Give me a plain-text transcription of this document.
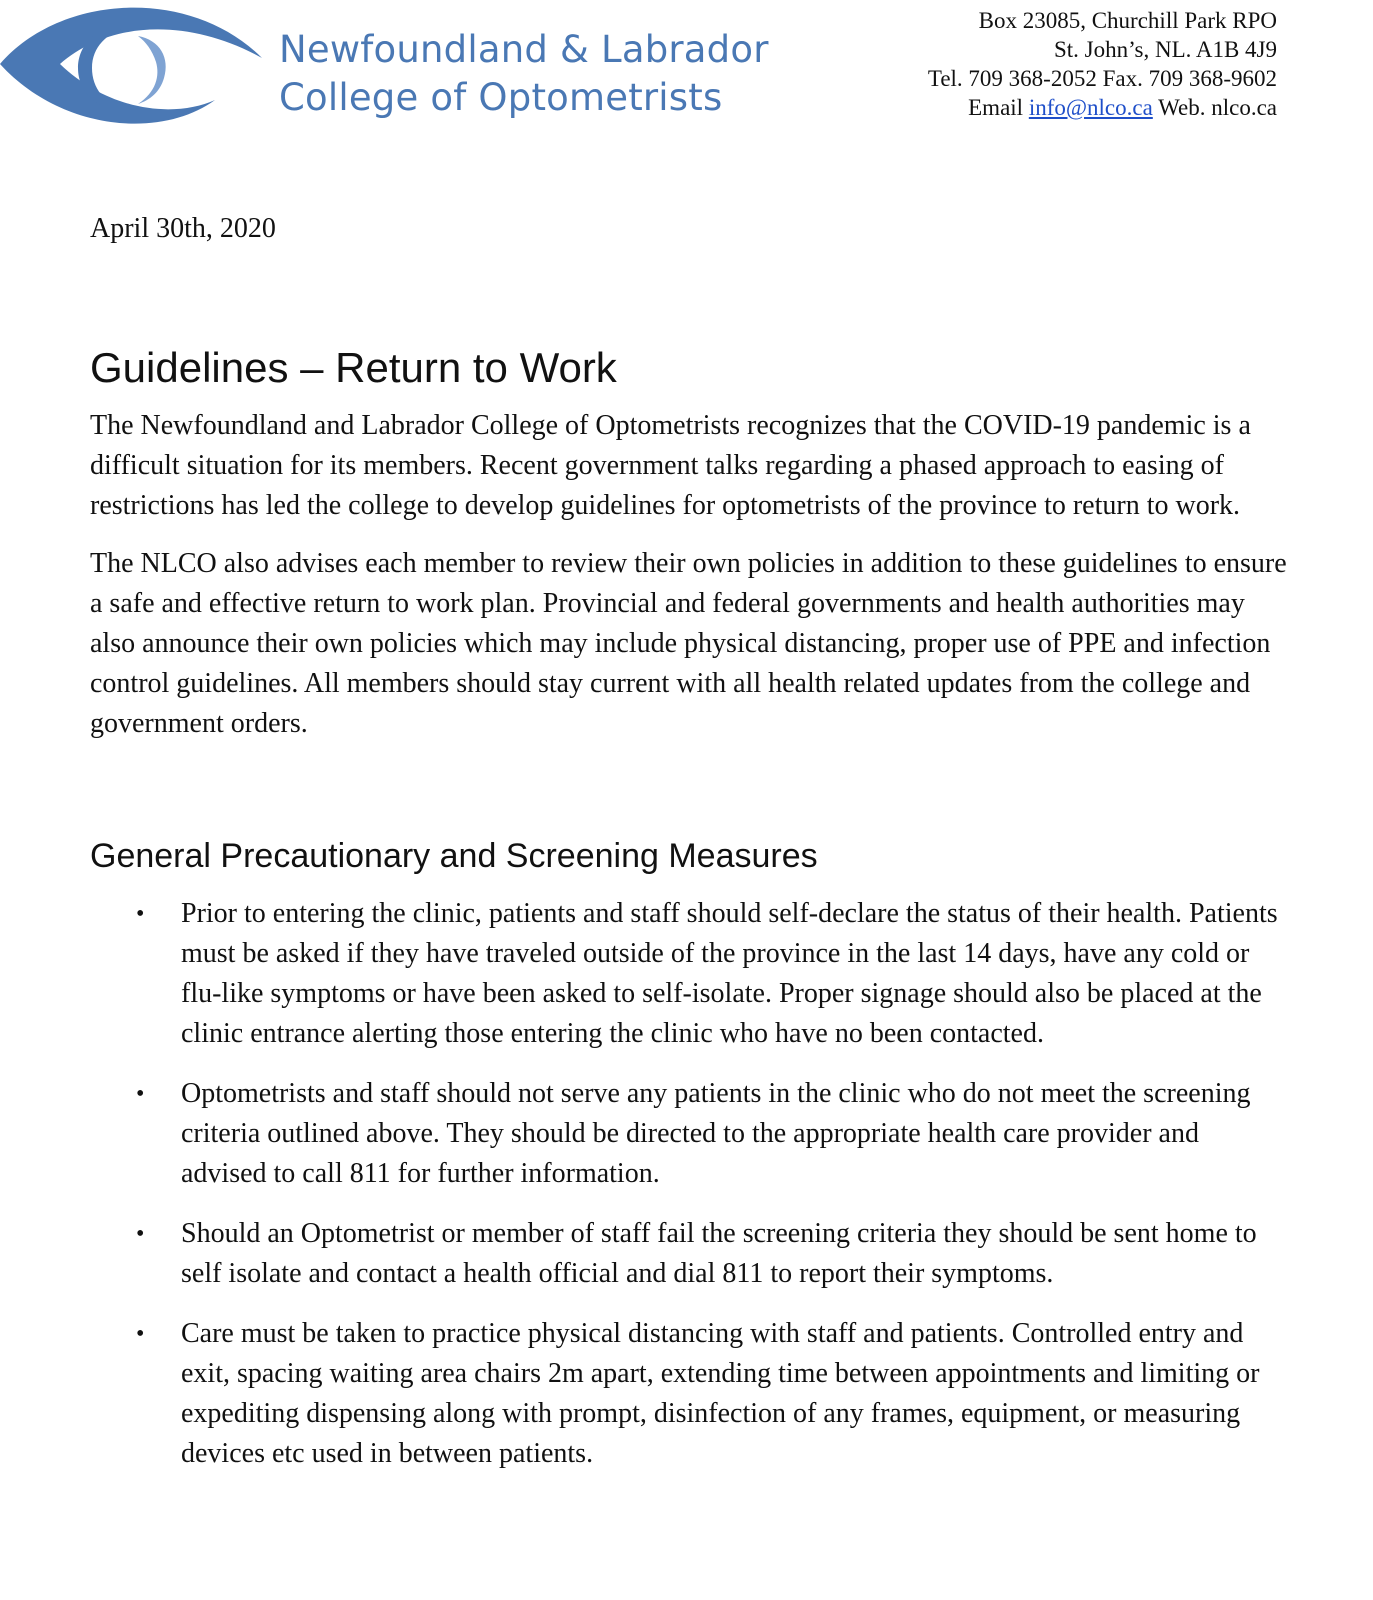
Newfoundland & Labrador
College of Optometrists
Box 23085, Churchill Park RPO
St. John’s, NL. A1B 4J9
Tel. 709 368-2052 Fax. 709 368-9602
Email info@nlco.ca Web. nlco.ca
April 30th, 2020
Guidelines – Return to Work

The Newfoundland and Labrador College of Optometrists recognizes that the COVID-19 pandemic is a difficult situation for its members. Recent government talks regarding a phased approach to easing of restrictions has led the college to develop guidelines for optometrists of the province to return to work.

The NLCO also advises each member to review their own policies in addition to these guidelines to ensure a safe and effective return to work plan. Provincial and federal governments and health authorities may also announce their own policies which may include physical distancing, proper use of PPE and infection control guidelines. All members should stay current with all health related updates from the college and government orders.

General Precautionary and Screening Measures
• Prior to entering the clinic, patients and staff should self-declare the status of their health. Patients must be asked if they have traveled outside of the province in the last 14 days, have any cold or flu-like symptoms or have been asked to self-isolate. Proper signage should also be placed at the clinic entrance alerting those entering the clinic who have no been contacted.
• Optometrists and staff should not serve any patients in the clinic who do not meet the screening criteria outlined above. They should be directed to the appropriate health care provider and advised to call 811 for further information.
• Should an Optometrist or member of staff fail the screening criteria they should be sent home to self isolate and contact a health official and dial 811 to report their symptoms.
• Care must be taken to practice physical distancing with staff and patients. Controlled entry and exit, spacing waiting area chairs 2m apart, extending time between appointments and limiting or expediting dispensing along with prompt, disinfection of any frames, equipment, or measuring devices etc used in between patients.
